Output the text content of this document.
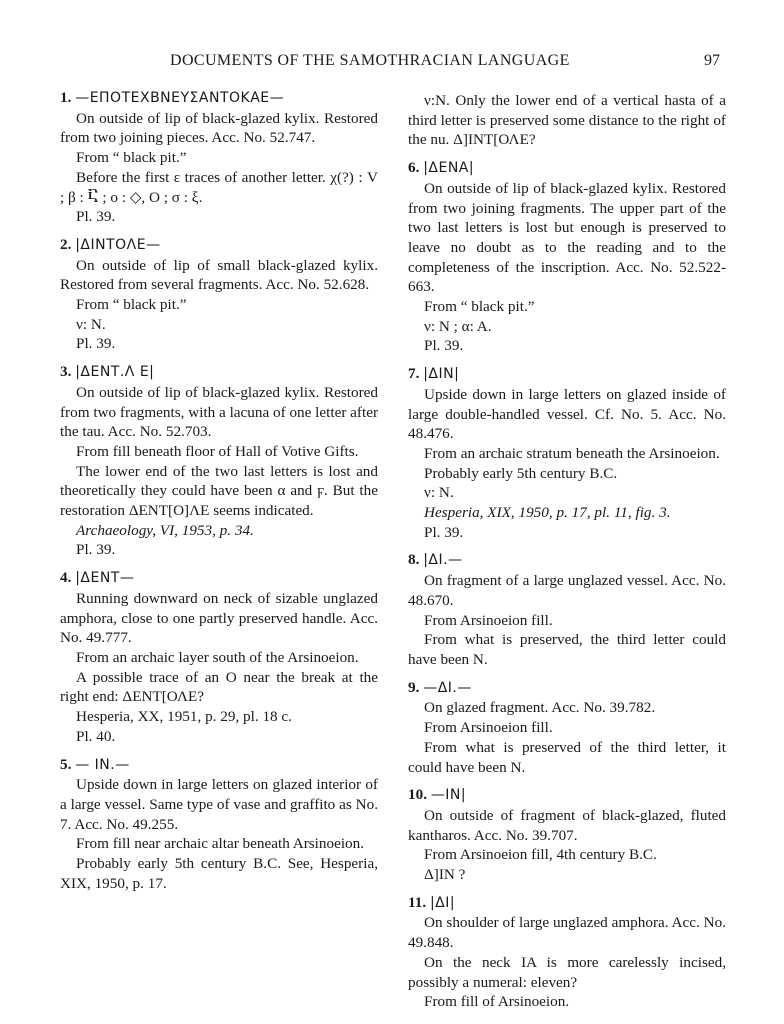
DOCUMENTS OF THE SAMOTHRACIAN LANGUAGE	97
1. —ΕΠΟΤΕΧΒΝΕΥΣΑΝΤΟΚΑΕ—

On outside of lip of black-glazed kylix. Restored from two joining pieces. Acc. No. 52.747.

From “ black pit.”

Before the first ε traces of another letter. χ(?) : V ; β : Ⴀ ; ο : ◇, O ; σ : ξ.

Pl. 39.

2. |ΔΙΝΤΟΛΕ—

On outside of lip of small black-glazed kylix. Restored from several fragments. Acc. No. 52.628.

From “ black pit.”

ν: Ν.

Pl. 39.

3. |ΔΕΝΤ.Λ Ε|

On outside of lip of black-glazed kylix. Restored from two fragments, with a lacuna of one letter after the tau. Acc. No. 52.703.

From fill beneath floor of Hall of Votive Gifts.

The lower end of the two last letters is lost and theoretically they could have been α and ϝ. But the restoration ΔΕΝΤ[Ο]ΛΕ seems indicated.

Archaeology, VI, 1953, p. 34.

Pl. 39.

4. |ΔΕΝΤ—

Running downward on neck of sizable unglazed amphora, close to one partly preserved handle. Acc. No. 49.777.

From an archaic layer south of the Arsinoeion.

A possible trace of an O near the break at the right end: ΔΕΝΤ[ΟΛΕ?

Hesperia, XX, 1951, p. 29, pl. 18 c.

Pl. 40.

5. — ΙΝ.—

Upside down in large letters on glazed interior of a large vessel. Same type of vase and graffito as No. 7. Acc. No. 49.255.

From fill near archaic altar beneath Arsinoeion.

Probably early 5th century B.C. See, Hesperia, XIX, 1950, p. 17.

ν:Ν. Only the lower end of a vertical hasta of a third letter is preserved some distance to the right of the nu. Δ]ΙΝΤ[ΟΛΕ?

6. |ΔΕΝΑ|

On outside of lip of black-glazed kylix. Restored from two joining fragments. The upper part of the two last letters is lost but enough is preserved to leave no doubt as to the reading and to the completeness of the inscription. Acc. No. 52.522-663.

From “ black pit.”

ν: Ν ; α: Α.

Pl. 39.

7. |ΔΙΝ|

Upside down in large letters on glazed inside of large double-handled vessel. Cf. No. 5. Acc. No. 48.476.

From an archaic stratum beneath the Arsinoeion.

Probably early 5th century B.C.

ν: Ν.

Hesperia, XIX, 1950, p. 17, pl. 11, fig. 3.

Pl. 39.

8. |ΔΙ.—

On fragment of a large unglazed vessel. Acc. No. 48.670.

From Arsinoeion fill.

From what is preserved, the third letter could have been Ν.

9. —ΔΙ.—

On glazed fragment. Acc. No. 39.782.

From Arsinoeion fill.

From what is preserved of the third letter, it could have been Ν.

10. —ΙΝ|

On outside of fragment of black-glazed, fluted kantharos. Acc. No. 39.707.

From Arsinoeion fill, 4th century B.C.

Δ]ΙΝ ?

11. |ΔΙ|

On shoulder of large unglazed amphora. Acc. No. 49.848.

On the neck ΙΑ is more carelessly incised, possibly a numeral: eleven?

From fill of Arsinoeion.
